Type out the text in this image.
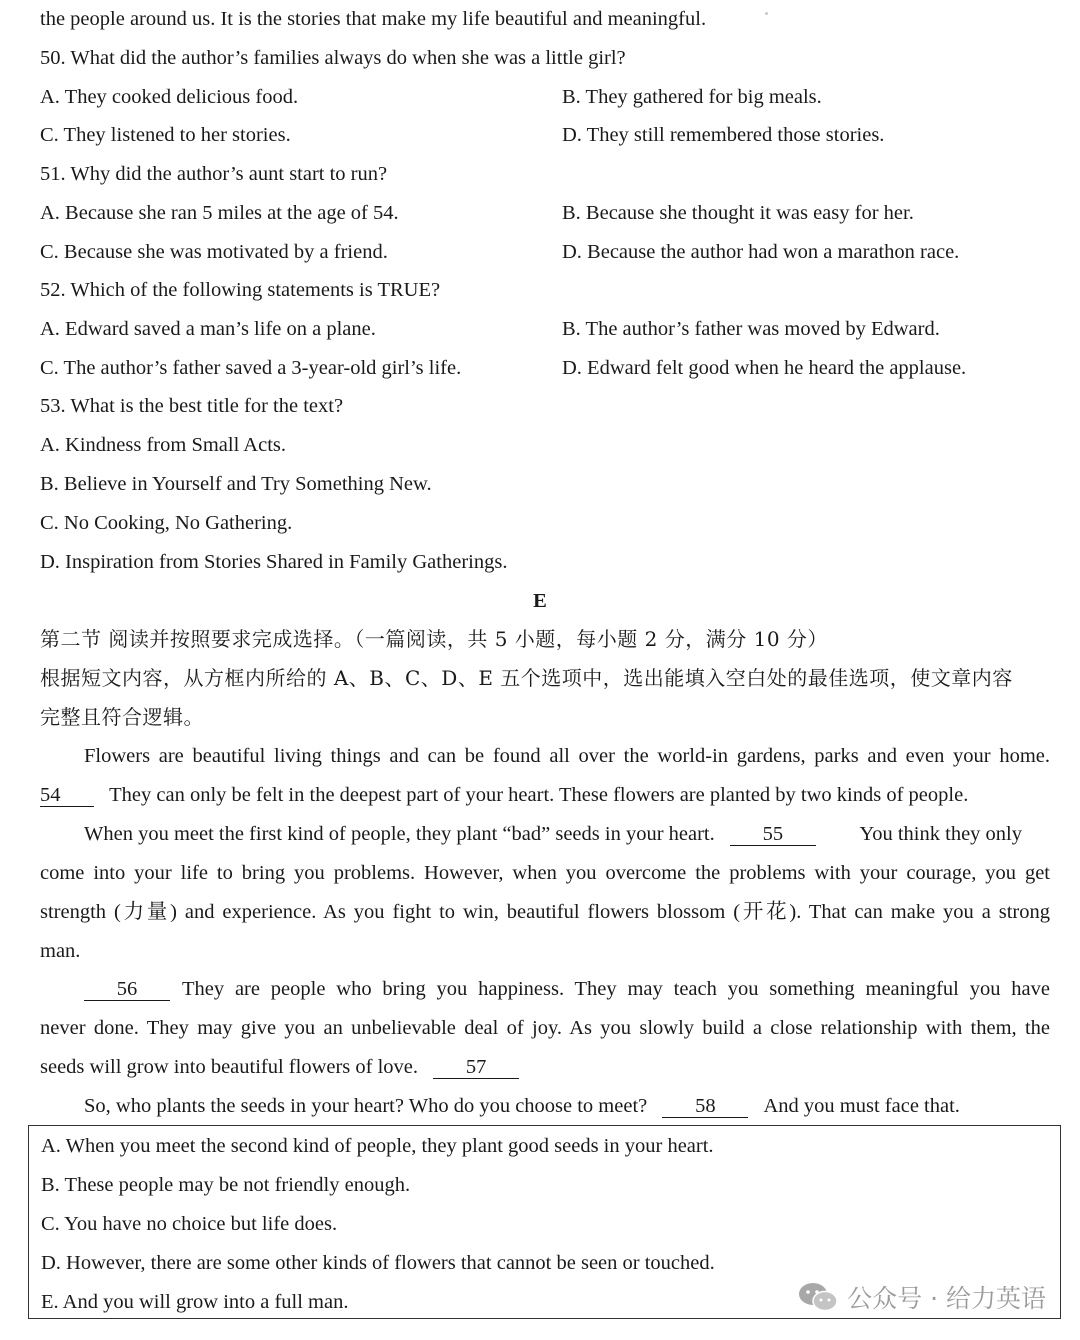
the people around us. It is the stories that make my life beautiful and meaningful.
50. What did the author’s families always do when she was a little girl?
A. They cooked delicious food.	B. They gathered for big meals.
C. They listened to her stories.	D. They still remembered those stories.
51. Why did the author’s aunt start to run?
A. Because she ran 5 miles at the age of 54.	B. Because she thought it was easy for her.
C. Because she was motivated by a friend.	D. Because the author had won a marathon race.
52. Which of the following statements is TRUE?
A. Edward saved a man’s life on a plane.	B. The author’s father was moved by Edward.
C. The author’s father saved a 3-year-old girl’s life.	D. Edward felt good when he heard the applause.
53. What is the best title for the text?
A. Kindness from Small Acts.
B. Believe in Yourself and Try Something New.
C. No Cooking, No Gathering.
D. Inspiration from Stories Shared in Family Gatherings.
E
第二节 阅读并按照要求完成选择。（一篇阅读，共 5 小题，每小题 2 分，满分 10 分）
根据短文内容，从方框内所给的 A、B、C、D、E 五个选项中，选出能填入空白处的最佳选项，使文章内容
完整且符合逻辑。
Flowers are beautiful living things and can be found all over the world-in gardens, parks and even your home.
54 They can only be felt in the deepest part of your heart. These flowers are planted by two kinds of people.
When you meet the first kind of people, they plant “bad” seeds in your heart. 55	You think they only
come into your life to bring you problems. However, when you overcome the problems with your courage, you get
strength (力量) and experience. As you fight to win, beautiful flowers blossom (开花). That can make you a strong
man.
56 They are people who bring you happiness. They may teach you something meaningful you have
never done. They may give you an unbelievable deal of joy. As you slowly build a close relationship with them, the
seeds will grow into beautiful flowers of love. 57
So, who plants the seeds in your heart? Who do you choose to meet? 58 And you must face that.
A. When you meet the second kind of people, they plant good seeds in your heart.
B. These people may be not friendly enough.
C. You have no choice but life does.
D. However, there are some other kinds of flowers that cannot be seen or touched.
E. And you will grow into a full man.	公众号 · 给力英语
